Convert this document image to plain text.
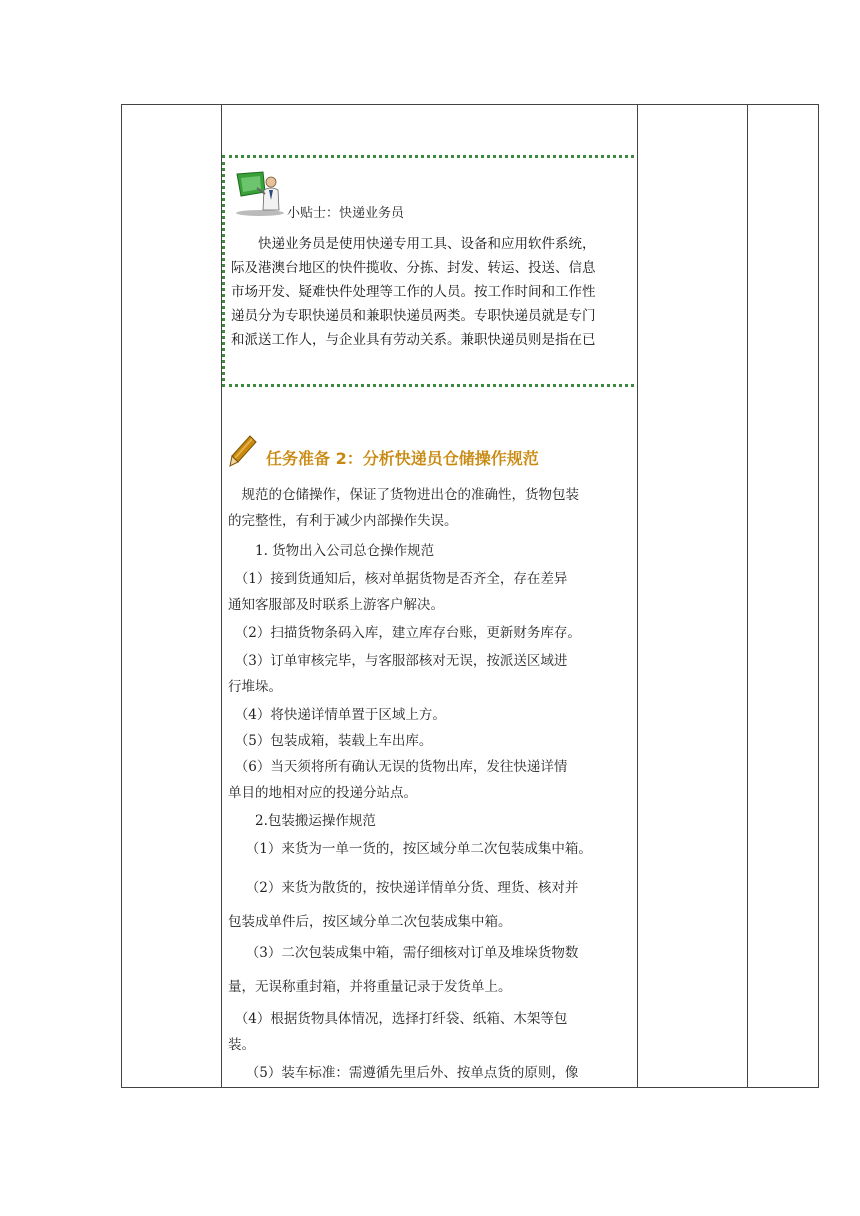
小贴士：快递业务员
　　快递业务员是使用快递专用工具、设备和应用软件系统，
际及港澳台地区的快件揽收、分拣、封发、转运、投送、信息
市场开发、疑难快件处理等工作的人员。按工作时间和工作性
递员分为专职快递员和兼职快递员两类。专职快递员就是专门
和派送工作人，与企业具有劳动关系。兼职快递员则是指在已
任务准备 2：分析快递员仓储操作规范
　规范的仓储操作，保证了货物进出仓的准确性，货物包装
的完整性，有利于减少内部操作失误。
　　1. 货物出入公司总仓操作规范
　（1）接到货通知后，核对单据货物是否齐全，存在差异
通知客服部及时联系上游客户解决。
　（2）扫描货物条码入库，建立库存台账，更新财务库存。
　（3）订单审核完毕，与客服部核对无误，按派送区域进
行堆垛。
　（4）将快递详情单置于区域上方。
　（5）包装成箱，装载上车出库。
　（6）当天须将所有确认无误的货物出库，发往快递详情
单目的地相对应的投递分站点。
　　2.包装搬运操作规范
　 （1）来货为一单一货的，按区域分单二次包装成集中箱。
　 （2）来货为散货的，按快递详情单分货、理货、核对并
包装成单件后，按区域分单二次包装成集中箱。
　 （3）二次包装成集中箱，需仔细核对订单及堆垛货物数
量，无误称重封箱，并将重量记录于发货单上。
　（4）根据货物具体情况，选择打纤袋、纸箱、木架等包
装。
　 （5）装车标准：需遵循先里后外、按单点货的原则，像
